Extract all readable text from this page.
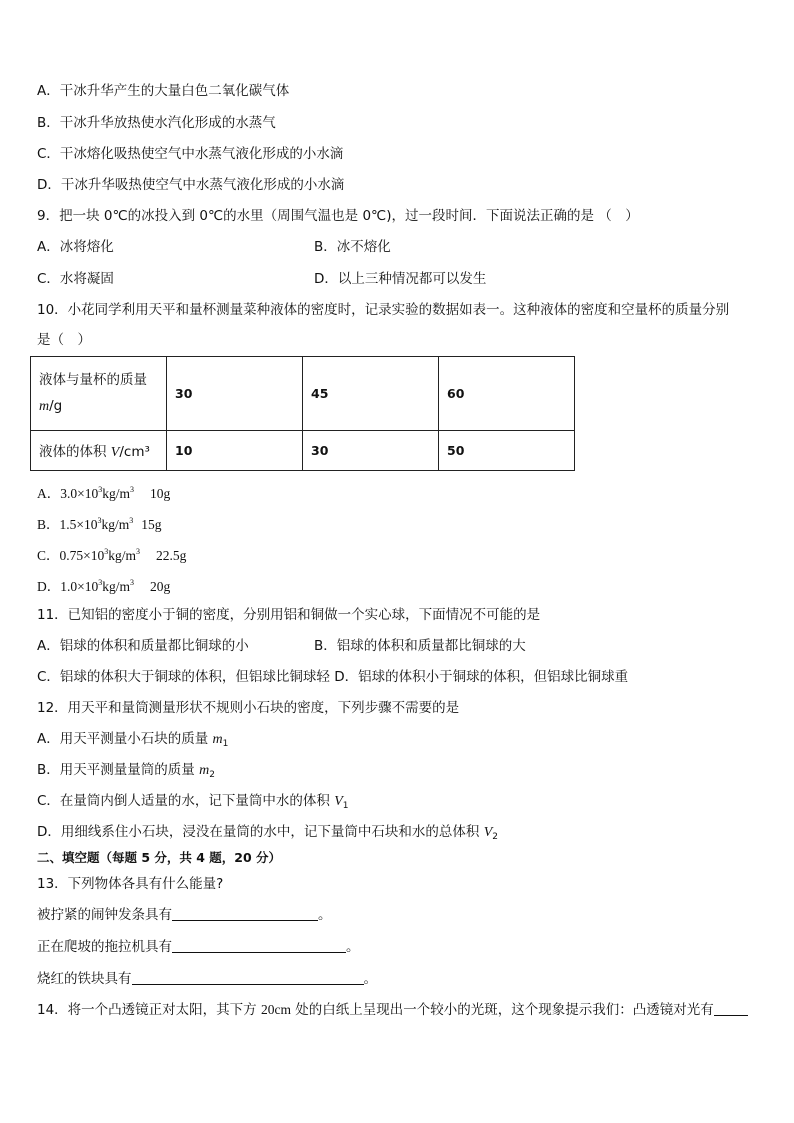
A．干冰升华产生的大量白色二氧化碳气体
B．干冰升华放热使水汽化形成的水蒸气
C．干冰熔化吸热使空气中水蒸气液化形成的小水滴
D．干冰升华吸热使空气中水蒸气液化形成的小水滴
9．把一块 0℃的冰投入到 0℃的水里（周围气温也是 0℃)，过一段时间．下面说法正确的是 （　）
A．冰将熔化	B．冰不熔化
C．水将凝固	D．以上三种情况都可以发生
10．小花同学利用天平和量杯测量菜种液体的密度时，记录实验的数据如表一。这种液体的密度和空量杯的质量分别
是（　）
液体与量杯的质量
m/g	30	45	60
液体的体积 V/cm³	10	30	50
A．$3.0\times 10^3kg/m^3$ 10g
B．$1.5\times 10^3kg/m^3$ 15g
C．$0.75\times 10^3kg/m^3$ 22.5g
D．$1.0\times 10^3kg/m^3$ 20g
11．已知铝的密度小于铜的密度，分别用铝和铜做一个实心球，下面情况不可能的是
A．铝球的体积和质量都比铜球的小	B．铝球的体积和质量都比铜球的大
C．铝球的体积大于铜球的体积，但铝球比铜球轻 D．铝球的体积小于铜球的体积，但铝球比铜球重
12．用天平和量筒测量形状不规则小石块的密度，下列步骤不需要的是
A．用天平测量小石块的质量 $m_1$
B．用天平测量量筒的质量 $m_2$
C．在量筒内倒人适量的水，记下量筒中水的体积 $V_1$
D．用细线系住小石块，浸没在量筒的水中，记下量筒中石块和水的总体积 $V_2$
二、填空题（每题 5 分，共 4 题，20 分）
13．下列物体各具有什么能量?
被拧紧的闹钟发条具有	。
正在爬坡的拖拉机具有	。
烧红的铁块具有	。
14．将一个凸透镜正对太阳，其下方 20cm 处的白纸上呈现出一个较小的光斑，这个现象提示我们：凸透镜对光有
